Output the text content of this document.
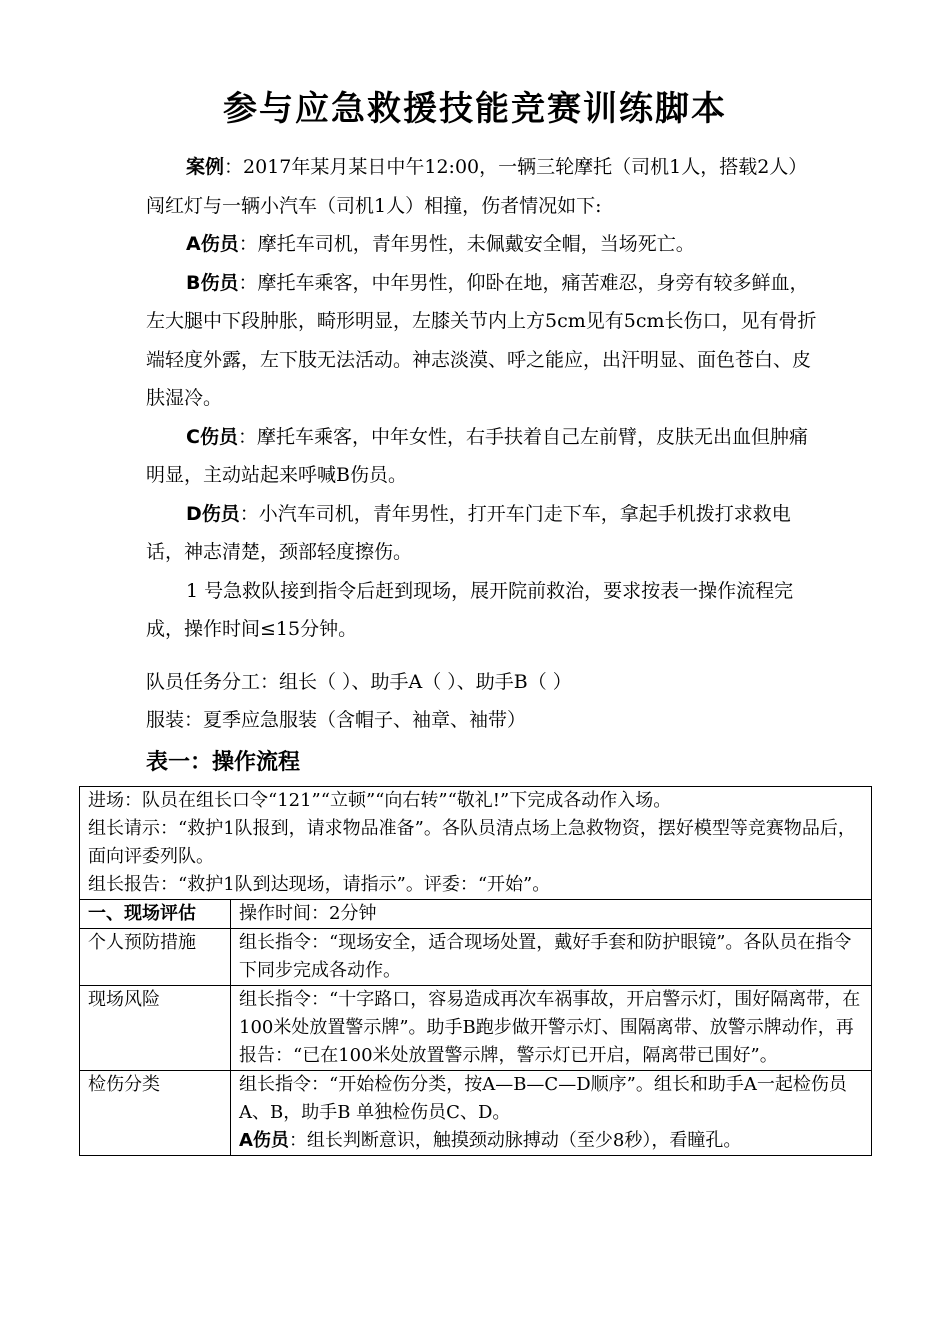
参与应急救援技能竞赛训练脚本

案例：2017年某月某日中午12:00，一辆三轮摩托（司机1人，搭载2人）闯红灯与一辆小汽车（司机1人）相撞，伤者情况如下:

A伤员：摩托车司机，青年男性，未佩戴安全帽，当场死亡。

B伤员：摩托车乘客，中年男性，仰卧在地，痛苦难忍，身旁有较多鲜血，左大腿中下段肿胀，畸形明显，左膝关节内上方5cm见有5cm长伤口，见有骨折端轻度外露，左下肢无法活动。神志淡漠、呼之能应，出汗明显、面色苍白、皮肤湿冷。

C伤员：摩托车乘客，中年女性，右手扶着自己左前臂，皮肤无出血但肿痛明显，主动站起来呼喊B伤员。

D伤员：小汽车司机，青年男性，打开车门走下车，拿起手机拨打求救电话，神志清楚，颈部轻度擦伤。

1 号急救队接到指令后赶到现场，展开院前救治，要求按表一操作流程完成，操作时间≤15分钟。

队员任务分工：组长（ ）、助手A（ ）、助手B（ ）

服装：夏季应急服装（含帽子、袖章、袖带）

表一：操作流程
进场：队员在组长口令“121”“立顿”“向右转”“敬礼!”下完成各动作入场。
组长请示：“救护1队报到，请求物品准备”。各队员清点场上急救物资，摆好模型等竞赛物品后，面向评委列队。
组长报告：“救护1队到达现场，请指示”。评委：“开始”。	

一、现场评估	操作时间：2分钟
个人预防措施	组长指令：“现场安全，适合现场处置，戴好手套和防护眼镜”。各队员在指令下同步完成各动作。
现场风险	组长指令：“十字路口，容易造成再次车祸事故，开启警示灯，围好隔离带，在100米处放置警示牌”。助手B跑步做开警示灯、围隔离带、放警示牌动作，再报告：“已在100米处放置警示牌，警示灯已开启，隔离带已围好”。
检伤分类	组长指令：“开始检伤分类，按A—B—C—D顺序”。组长和助手A一起检伤员A、B，助手B 单独检伤员C、D。
A伤员：组长判断意识，触摸颈动脉搏动（至少8秒），看瞳孔。
